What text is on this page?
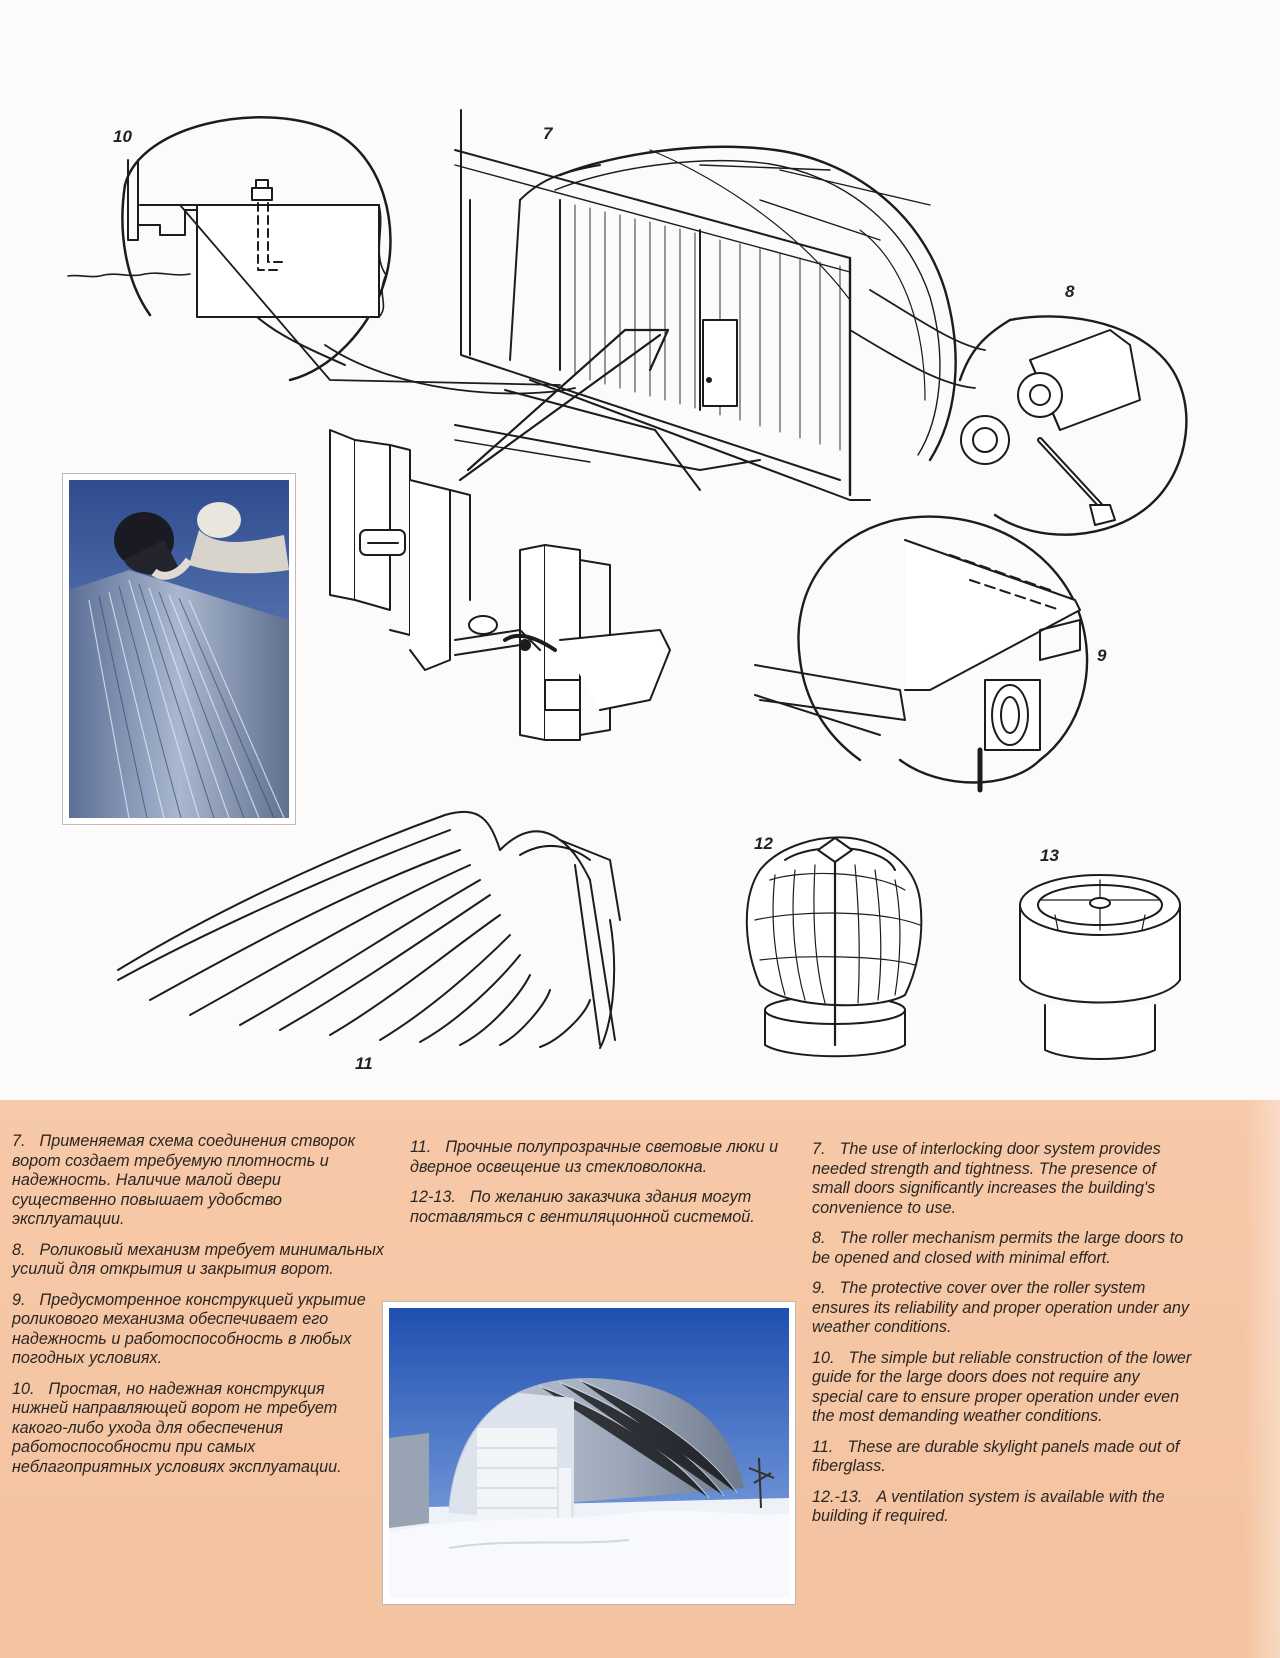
10	7
8
9
11
12
13

7. Применяемая схема соединения створок ворот создает требуемую плотность и надежность. Наличие малой двери существенно повышает удобство эксплуатации.

8. Роликовый механизм требует минимальных усилий для открытия и закрытия ворот.

9. Предусмотренное конструкцией укрытие роликового механизма обеспечивает его надежность и работоспособность в любых погодных условиях.

10. Простая, но надежная конструкция нижней направляющей ворот не требует какого-либо ухода для обеспечения работоспособности при самых неблагоприятных условиях эксплуатации.

11. Прочные полупрозрачные световые люки и дверное освещение из стекловолокна.

12-13. По желанию заказчика здания могут поставляться с вентиляционной системой.

7. The use of interlocking door system provides needed strength and tightness. The presence of small doors significantly increases the building's convenience to use.

8. The roller mechanism permits the large doors to be opened and closed with minimal effort.

9. The protective cover over the roller system ensures its reliability and proper operation under any weather conditions.

10. The simple but reliable construction of the lower guide for the large doors does not require any special care to ensure proper operation under even the most demanding weather conditions.

11. These are durable skylight panels made out of fiberglass.

12.-13. A ventilation system is available with the building if required.
